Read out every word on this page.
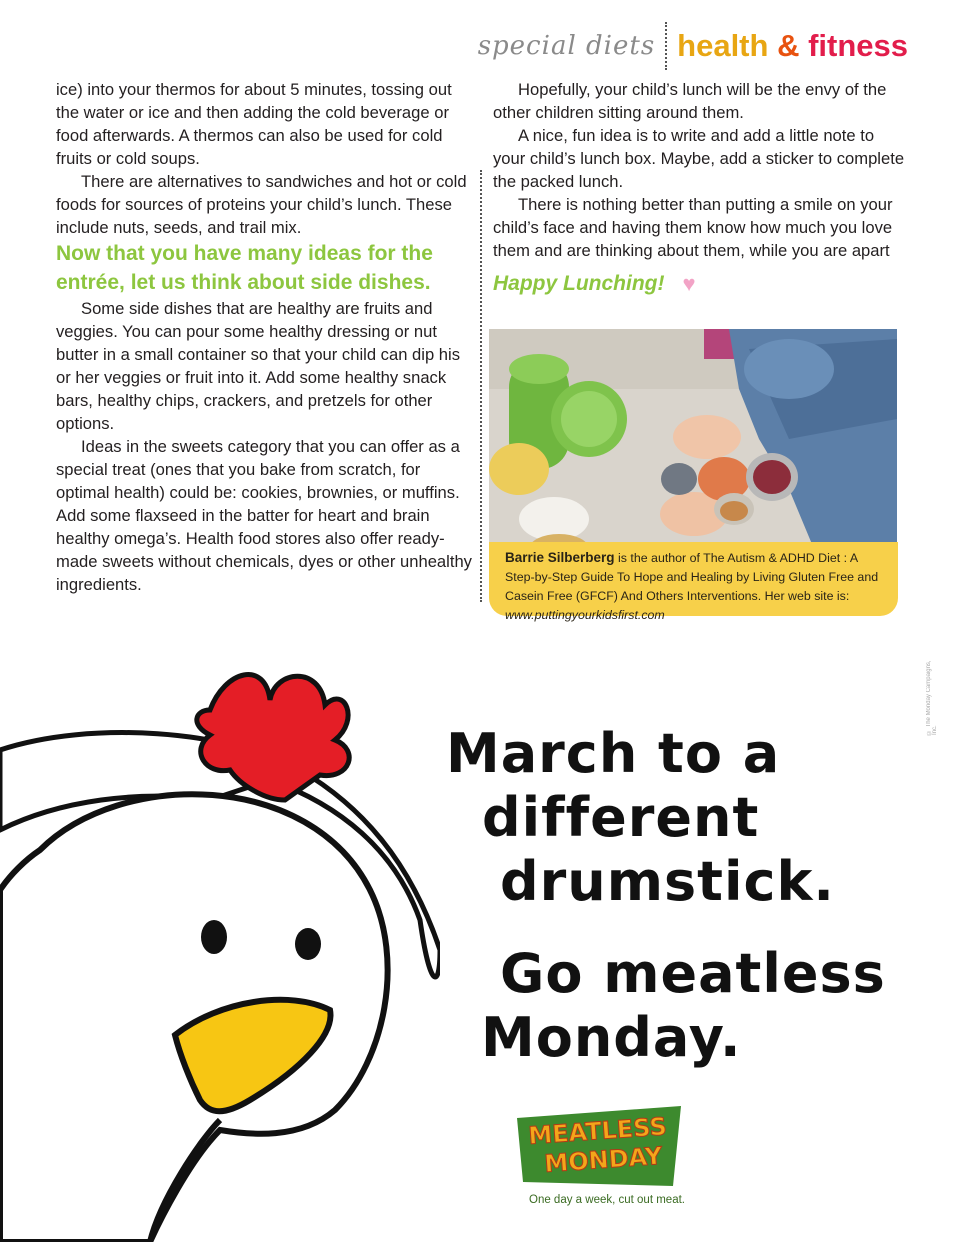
special diets health & fitness

ice) into your thermos for about 5 minutes, tossing out the water or ice and then adding the cold beverage or food afterwards. A thermos can also be used for cold fruits or cold soups.

There are alternatives to sandwiches and hot or cold foods for sources of proteins your child’s lunch. These include nuts, seeds, and trail mix.

Now that you have many ideas for the entrée, let us think about side dishes.

Some side dishes that are healthy are fruits and veggies. You can pour some healthy dressing or nut butter in a small container so that your child can dip his or her veggies or fruit into it. Add some healthy snack bars, healthy chips, crackers, and pretzels for other options.

Ideas in the sweets category that you can offer as a special treat (ones that you bake from scratch, for optimal health) could be: cookies, brownies, or muffins. Add some flaxseed in the batter for heart and brain healthy omega’s. Health food stores also offer ready-made sweets without chemicals, dyes or other unhealthy ingredients.

Hopefully, your child’s lunch will be the envy of the other children sitting around them.

A nice, fun idea is to write and add a little note to your child’s lunch box. Maybe, add a sticker to complete the packed lunch.

There is nothing better than putting a smile on your child’s face and having them know how much you love them and are thinking about them, while you are apart

Happy Lunching! ♥
Barrie Silberberg is the author of The Autism & ADHD Diet : A Step-by-Step Guide To Hope and Healing by Living Gluten Free and Casein Free (GFCF) And Others Interventions. Her web site is: www.puttingyourkidsfirst.com
© The Monday Campaigns, Inc.
March to a
different
drumstick.
Go meatless
Monday.
MEATLESS
MONDAY
One day a week, cut out meat.
